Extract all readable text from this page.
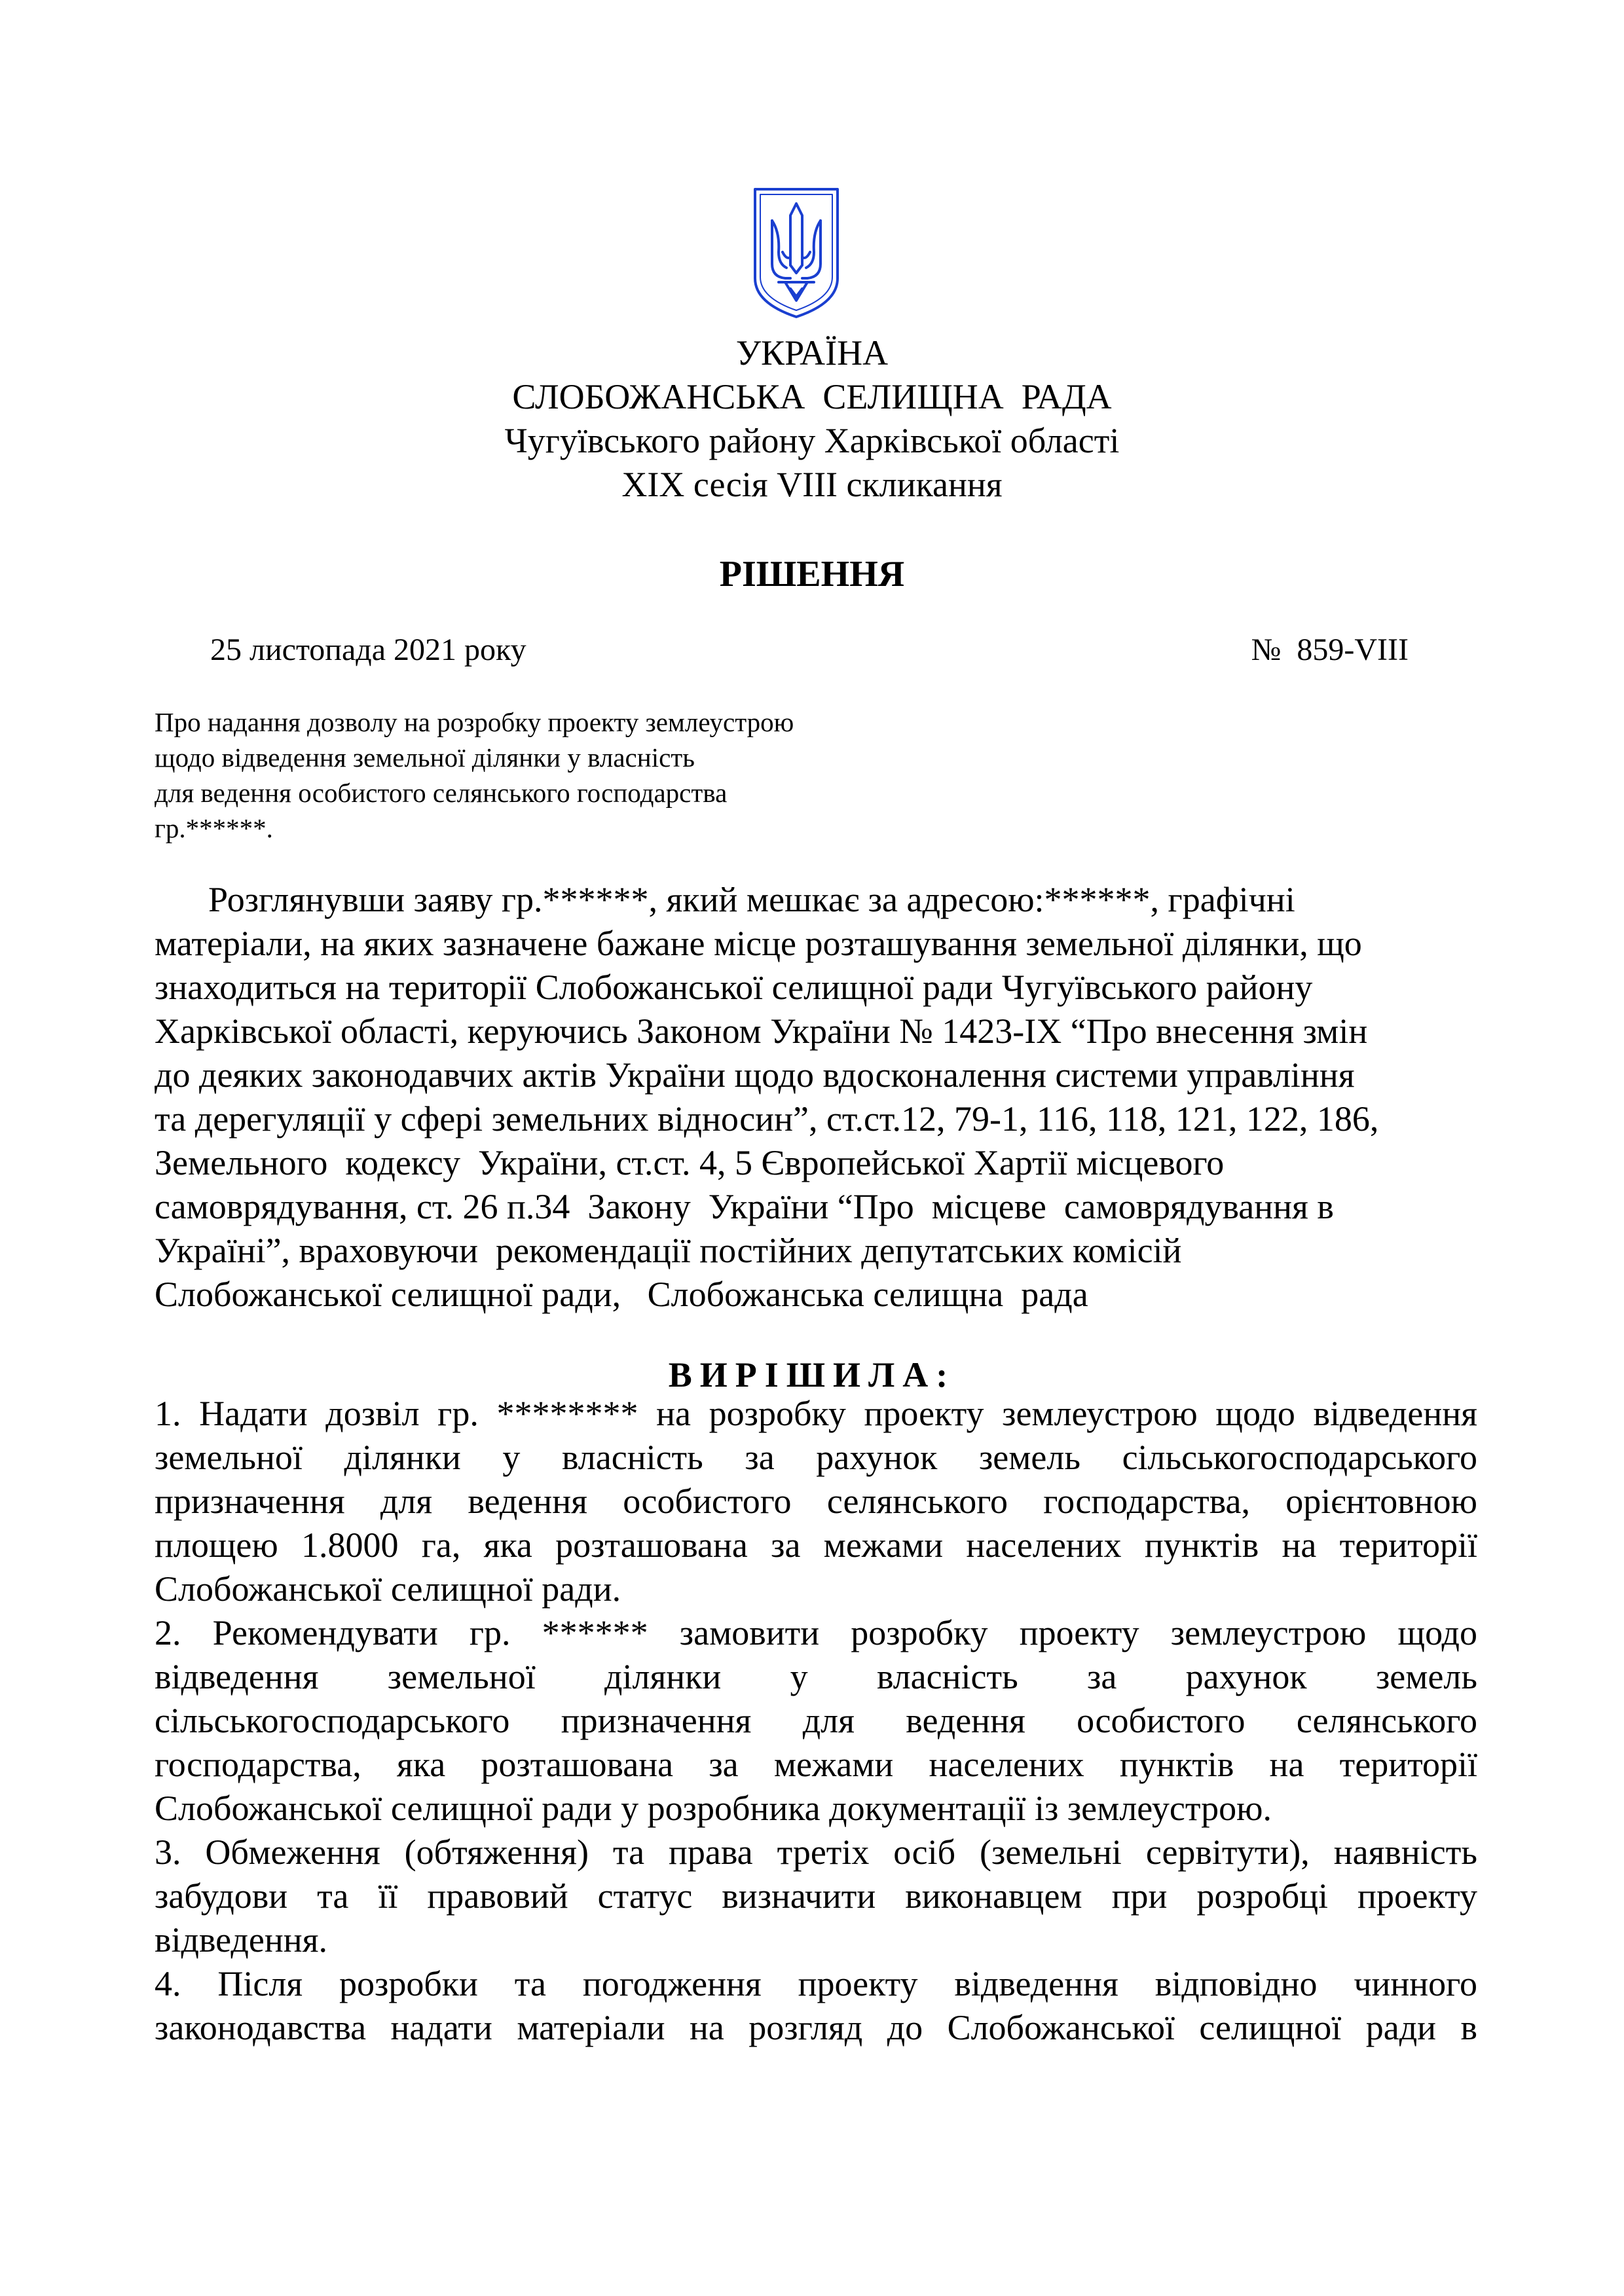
УКРАЇНА
СЛОБОЖАНСЬКА  СЕЛИЩНА  РАДА
Чугуївського району Харківської області
XIX сесія VIII скликання
РІШЕННЯ
25 листопада 2021 року	№  859-VIII
Про надання дозволу на розробку проекту землеустрою
щодо відведення земельної ділянки у власність
для ведення особистого селянського господарства
гр.******.
Розглянувши заяву гр.******, який мешкає за адресою:******, графічні
матеріали, на яких зазначене бажане місце розташування земельної ділянки, що
знаходиться на території Слобожанської селищної ради Чугуївського району
Харківської області, керуючись Законом України № 1423-IX “Про внесення змін
до деяких законодавчих актів України щодо вдосконалення системи управління
та дерегуляції у сфері земельних відносин”, ст.ст.12, 79-1, 116, 118, 121, 122, 186,
Земельного  кодексу  України, ст.ст. 4, 5 Європейської Хартії місцевого
самоврядування, ст. 26 п.34  Закону  України “Про  місцеве  самоврядування в
Україні”, враховуючи  рекомендації постійних депутатських комісій
Слобожанської селищної ради,   Слобожанська селищна  рада
ВИРІШИЛА:
1. Надати дозвіл гр. ******** на розробку проекту землеустрою щодо відведення
земельної ділянки у власність за рахунок земель сільськогосподарського
призначення для ведення особистого селянського господарства, орієнтовною
площею 1.8000 га, яка розташована за межами населених пунктів на території
Слобожанської селищної ради.
2. Рекомендувати гр. ****** замовити розробку проекту землеустрою щодо
відведення земельної ділянки у власність за рахунок земель
сільськогосподарського призначення для ведення особистого селянського
господарства, яка розташована за межами населених пунктів на території
Слобожанської селищної ради у розробника документації із землеустрою.
3. Обмеження (обтяження) та права третіх осіб (земельні сервітути), наявність
забудови та її правовий статус визначити виконавцем при розробці проекту
відведення.
4. Після розробки та погодження проекту відведення відповідно чинного
законодавства надати матеріали на розгляд до Слобожанської селищної ради в
